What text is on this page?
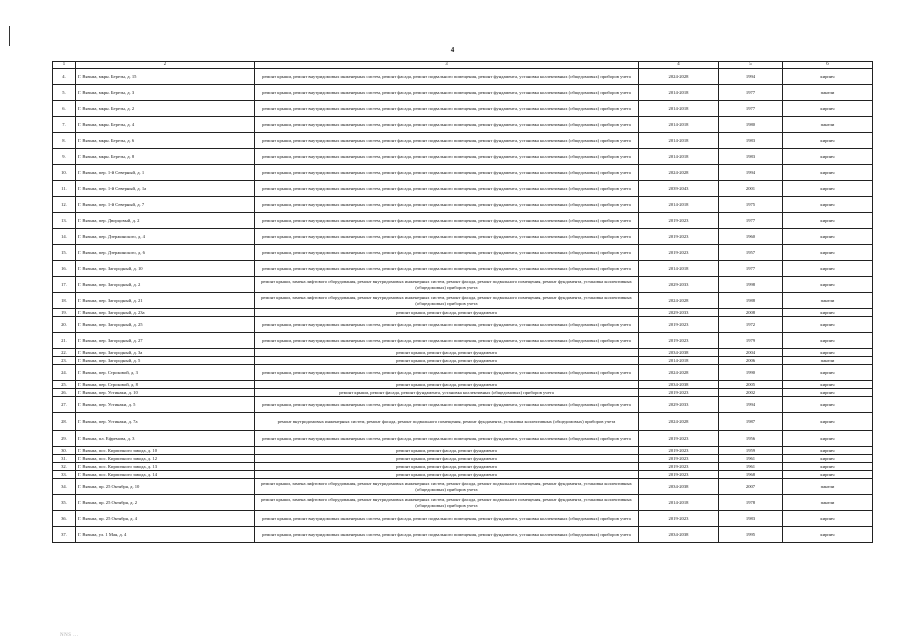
4
1	2	3	4	5	6
4.	Г. Вязьма, мкрн. Березы, д. 15	ремонт крыши, ремонт внутридомовых инженерных систем, ремонт фасада, ремонт подвального помещения, ремонт фундамента, установка коллективных (общедомовых) приборов учета	2024-2028	1994	кирпич
5.	Г. Вязьма, мкрн. Березы, д. 3	ремонт крыши, ремонт внутридомовых инженерных систем, ремонт фасада, ремонт подвального помещения, ремонт фундамента, установка коллективных (общедомовых) приборов учета	2014-2018	1977	панели
6.	Г. Вязьма, мкрн. Березы, д. 2	ремонт крыши, ремонт внутридомовых инженерных систем, ремонт фасада, ремонт подвального помещения, ремонт фундамента, установка коллективных (общедомовых) приборов учета	2014-2018	1977	кирпич
7.	Г. Вязьма, мкрн. Березы, д. 4	ремонт крыши, ремонт внутридомовых инженерных систем, ремонт фасада, ремонт подвального помещения, ремонт фундамента, установка коллективных (общедомовых) приборов учета	2014-2018	1980	панели
8.	Г. Вязьма, мкрн. Березы, д. 6	ремонт крыши, ремонт внутридомовых инженерных систем, ремонт фасада, ремонт подвального помещения, ремонт фундамента, установка коллективных (общедомовых) приборов учета	2014-2018	1983	кирпич
9.	Г. Вязьма, мкрн. Березы, д. 8	ремонт крыши, ремонт внутридомовых инженерных систем, ремонт фасада, ремонт подвального помещения, ремонт фундамента, установка коллективных (общедомовых) приборов учета	2014-2018	1983	кирпич
10.	Г. Вязьма, пер. 1-й Северный, д. 1	ремонт крыши, ремонт внутридомовых инженерных систем, ремонт фасада, ремонт подвального помещения, ремонт фундамента, установка коллективных (общедомовых) приборов учета	2024-2028	1994	кирпич
11.	Г. Вязьма, пер. 1-й Северный, д. 1а	ремонт крыши, ремонт внутридомовых инженерных систем, ремонт фасада, ремонт подвального помещения, ремонт фундамента, установка коллективных (общедомовых) приборов учета	2039-2043	2001	кирпич
12.	Г. Вязьма, пер. 1-й Северный, д. 7	ремонт крыши, ремонт внутридомовых инженерных систем, ремонт фасада, ремонт подвального помещения, ремонт фундамента, установка коллективных (общедомовых) приборов учета	2014-2018	1975	кирпич
13.	Г. Вязьма, пер. Дворцовый, д. 2	ремонт крыши, ремонт внутридомовых инженерных систем, ремонт фасада, ремонт подвального помещения, ремонт фундамента, установка коллективных (общедомовых) приборов учета	2019-2023	1977	кирпич
14.	Г. Вязьма, пер. Дзержинского, д. 4	ремонт крыши, ремонт внутридомовых инженерных систем, ремонт фасада, ремонт подвального помещения, ремонт фундамента, установка коллективных (общедомовых) приборов учета	2019-2023	1960	кирпич
15.	Г. Вязьма, пер. Дзержинского, д. 6	ремонт крыши, ремонт внутридомовых инженерных систем, ремонт фасада, ремонт подвального помещения, ремонт фундамента, установка коллективных (общедомовых) приборов учета	2019-2023	1957	кирпич
16.	Г. Вязьма, пер. Загородный, д. 10	ремонт крыши, ремонт внутридомовых инженерных систем, ремонт фасада, ремонт подвального помещения, ремонт фундамента, установка коллективных (общедомовых) приборов учета	2014-2018	1977	кирпич
17.	Г. Вязьма, пер. Загородный, д. 2	ремонт крыши, замена лифтового оборудования, ремонт внутридомовых инженерных систем, ремонт фасада, ремонт подвального помещения, ремонт фундамента, установка коллективных (общедомовых) приборов учета	2029-2033	1998	кирпич
18.	Г. Вязьма, пер. Загородный, д. 21	ремонт крыши, замена лифтового оборудования, ремонт внутридомовых инженерных систем, ремонт фасада, ремонт подвального помещения, ремонт фундамента, установка коллективных (общедомовых) приборов учета	2024-2028	1988	панели
19.	Г. Вязьма, пер. Загородный, д. 23а	ремонт крыши, ремонт фасада, ремонт фундамента	2029-2033	2008	кирпич
20.	Г. Вязьма, пер. Загородный, д. 25	ремонт крыши, ремонт внутридомовых инженерных систем, ремонт фасада, ремонт подвального помещения, ремонт фундамента, установка коллективных (общедомовых) приборов учета	2019-2023	1972	кирпич
21.	Г. Вязьма, пер. Загородный, д. 27	ремонт крыши, ремонт внутридомовых инженерных систем, ремонт фасада, ремонт подвального помещения, ремонт фундамента, установка коллективных (общедомовых) приборов учета	2019-2023	1979	кирпич
22.	Г. Вязьма, пер. Загородный, д. 3а	ремонт крыши, ремонт фасада, ремонт фундамента	2034-2038	2004	кирпич
23.	Г. Вязьма, пер. Загородный, д. 5	ремонт крыши, ремонт фасада, ремонт фундамента	2014-2018	2006	панели
24.	Г. Вязьма, пер. Строковой, д. 3	ремонт крыши, ремонт внутридомовых инженерных систем, ремонт фасада, ремонт подвального помещения, ремонт фундамента, установка коллективных (общедомовых) приборов учета	2024-2028	1990	кирпич
25.	Г. Вязьма, пер. Строковой, д. 8	ремонт крыши, ремонт фасада, ремонт фундамента	2034-2038	2005	кирпич
26.	Г. Вязьма, пер. Устинаки, д. 10	ремонт крыши, ремонт фасада, ремонт фундамента, установка коллективных (общедомовых) приборов учета	2019-2023	2002	кирпич
27.	Г. Вязьма, пер. Устинаки, д. 5	ремонт крыши, ремонт внутридомовых инженерных систем, ремонт фасада, ремонт подвального помещения, ремонт фундамента, установка коллективных (общедомовых) приборов учета	2029-2033	1994	кирпич
28.	Г. Вязьма, пер. Устинаки, д. 7а	ремонт внутридомовых инженерных систем, ремонт фасада, ремонт подвального помещения, ремонт фундамента, установка коллективных (общедомовых) приборов учета	2024-2028	1987	кирпич
29.	Г. Вязьма, пл. Ефремова, д. 3	ремонт крыши, ремонт внутридомовых инженерных систем, ремонт фасада, ремонт подвального помещения, ремонт фундамента, установка коллективных (общедомовых) приборов учета	2019-2023	1956	кирпич
30.	Г. Вязьма, пос. Кирпичного завода, д. 10	ремонт крыши, ремонт фасада, ремонт фундамента	2019-2023	1959	кирпич
31.	Г. Вязьма, пос. Кирпичного завода, д. 12	ремонт крыши, ремонт фасада, ремонт фундамента	2019-2023	1961	кирпич
32.	Г. Вязьма, пос. Кирпичного завода, д. 13	ремонт крыши, ремонт фасада, ремонт фундамента	2019-2023	1961	кирпич
33.	Г. Вязьма, пос. Кирпичного завода, д. 14	ремонт крыши, ремонт фасада, ремонт фундамента	2019-2023	1968	кирпич
34.	Г. Вязьма, пр. 25 Октября, д. 10	ремонт крыши, замена лифтового оборудования, ремонт внутридомовых инженерных систем, ремонт фасада, ремонт подвального помещения, ремонт фундамента, установка коллективных (общедомовых) приборов учета	2034-2038	2007	панели
35.	Г. Вязьма, пр. 25 Октября, д. 2	ремонт крыши, замена лифтового оборудования, ремонт внутридомовых инженерных систем, ремонт фасада, ремонт подвального помещения, ремонт фундамента, установка коллективных (общедомовых) приборов учета	2014-2018	1978	панели
36.	Г. Вязьма, пр. 25 Октября, д. 4	ремонт крыши, ремонт внутридомовых инженерных систем, ремонт фасада, ремонт подвального помещения, ремонт фундамента, установка коллективных (общедомовых) приборов учета	2019-2023	1983	кирпич
37.	Г. Вязьма, ул. 1 Мая, д. 4	ремонт крыши, ремонт внутридомовых инженерных систем, ремонт фасада, ремонт подвального помещения, ремонт фундамента, установка коллективных (общедомовых) приборов учета	2034-2038	1995	кирпич
NNS ...
